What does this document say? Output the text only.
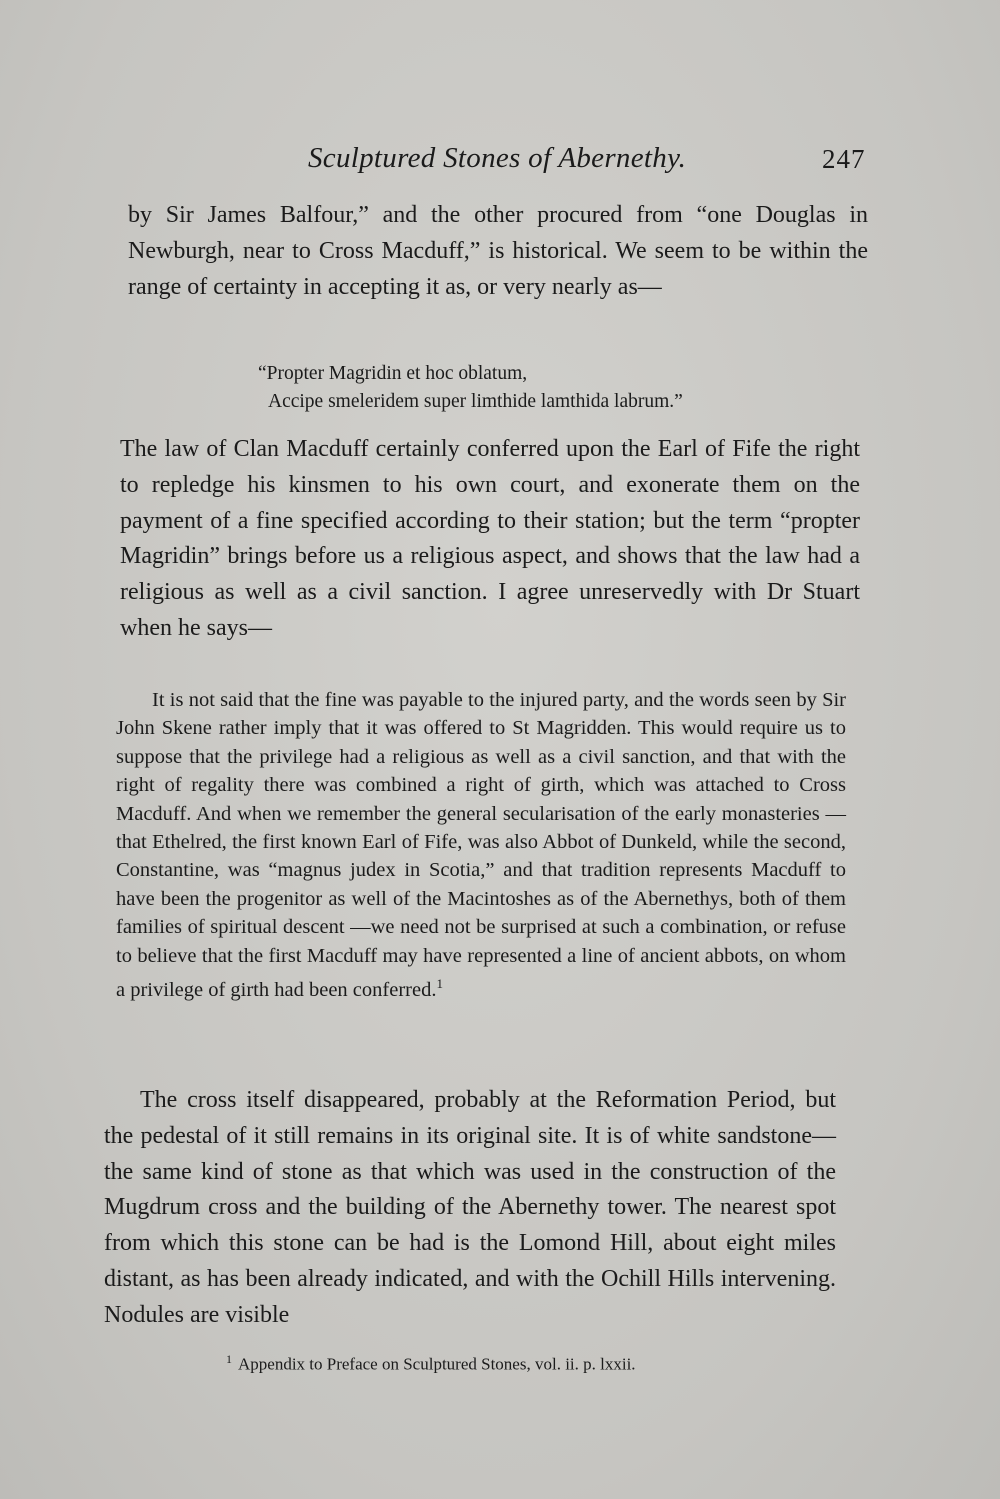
Sculptured Stones of Abernethy.	247

by Sir James Balfour,” and the other procured from “one Douglas in Newburgh, near to Cross Macduff,” is historical. We seem to be within the range of certainty in accepting it as, or very nearly as—

“Propter Magridin et hoc oblatum,
Accipe smeleridem super limthide lamthida labrum.”

The law of Clan Macduff certainly conferred upon the Earl of Fife the right to repledge his kinsmen to his own court, and exonerate them on the payment of a fine specified according to their station; but the term “propter Magridin” brings before us a religious aspect, and shows that the law had a religious as well as a civil sanction. I agree unreservedly with Dr Stuart when he says—

It is not said that the fine was payable to the injured party, and the words seen by Sir John Skene rather imply that it was offered to St Magridden. This would require us to suppose that the privilege had a religious as well as a civil sanction, and that with the right of regality there was combined a right of girth, which was attached to Cross Macduff. And when we remember the general secularisation of the early monasteries —that Ethelred, the first known Earl of Fife, was also Abbot of Dunkeld, while the second, Constantine, was “magnus judex in Scotia,” and that tradition represents Macduff to have been the progenitor as well of the Macintoshes as of the Abernethys, both of them families of spiritual descent —we need not be surprised at such a combination, or refuse to believe that the first Macduff may have represented a line of ancient abbots, on whom a privilege of girth had been conferred.$^1$

The cross itself disappeared, probably at the Reformation Period, but the pedestal of it still remains in its original site. It is of white sandstone—the same kind of stone as that which was used in the construction of the Mugdrum cross and the building of the Abernethy tower. The nearest spot from which this stone can be had is the Lomond Hill, about eight miles distant, as has been already indicated, and with the Ochill Hills intervening. Nodules are visible

$^1$ Appendix to Preface on Sculptured Stones, vol. ii. p. lxxii.
